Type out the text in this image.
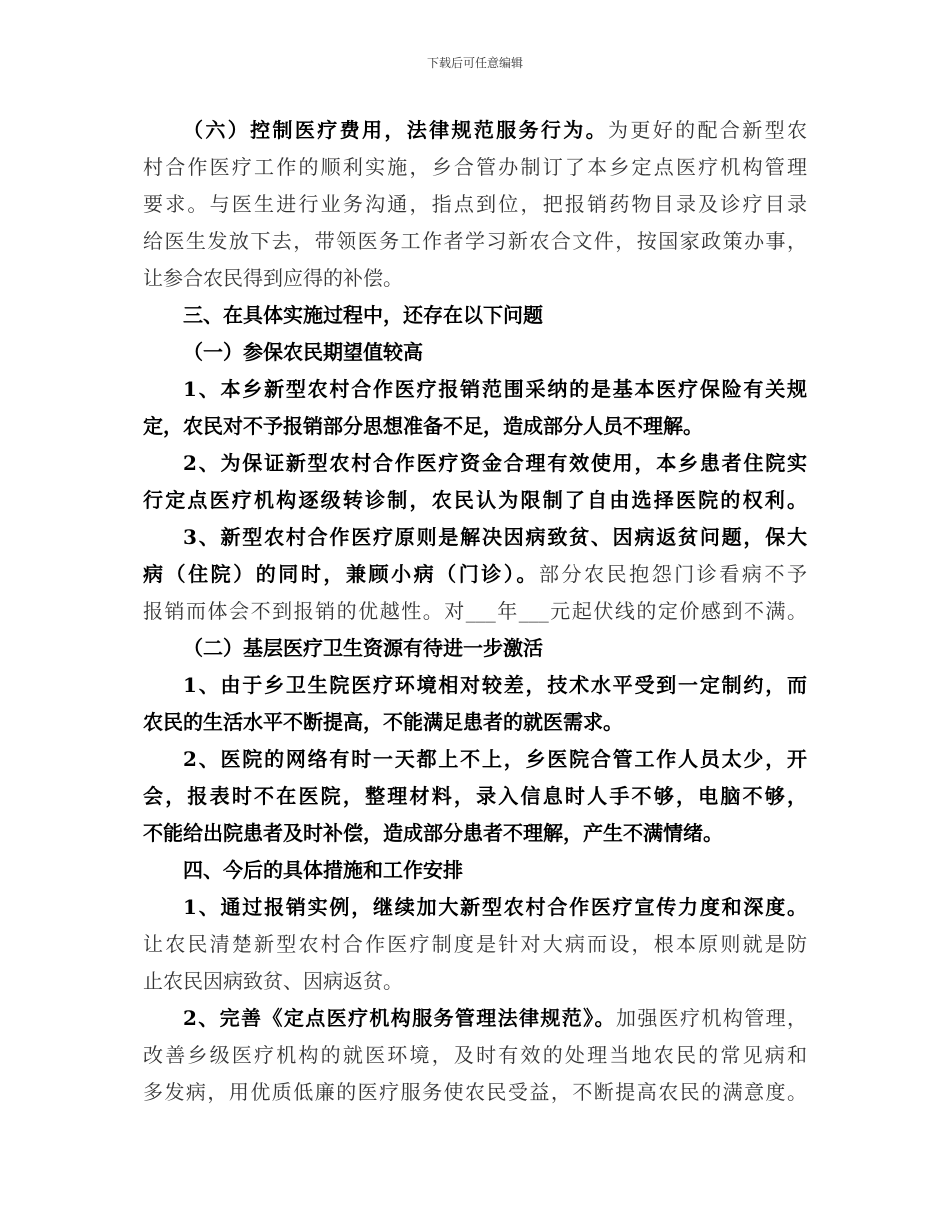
下载后可任意编辑
（六）控制医疗费用，法律规范服务行为。为更好的配合新型农
村合作医疗工作的顺利实施，乡合管办制订了本乡定点医疗机构管理
要求。与医生进行业务沟通，指点到位，把报销药物目录及诊疗目录
给医生发放下去，带领医务工作者学习新农合文件，按国家政策办事，
让参合农民得到应得的补偿。
三、在具体实施过程中，还存在以下问题
（一）参保农民期望值较高
1、本乡新型农村合作医疗报销范围采纳的是基本医疗保险有关规
定，农民对不予报销部分思想准备不足，造成部分人员不理解。
2、为保证新型农村合作医疗资金合理有效使用，本乡患者住院实
行定点医疗机构逐级转诊制，农民认为限制了自由选择医院的权利。
3、新型农村合作医疗原则是解决因病致贫、因病返贫问题，保大
病（住院）的同时，兼顾小病（门诊）。部分农民抱怨门诊看病不予
报销而体会不到报销的优越性。对___年___元起伏线的定价感到不满。
（二）基层医疗卫生资源有待进一步激活
1、由于乡卫生院医疗环境相对较差，技术水平受到一定制约，而
农民的生活水平不断提高，不能满足患者的就医需求。
2、医院的网络有时一天都上不上，乡医院合管工作人员太少，开
会，报表时不在医院，整理材料，录入信息时人手不够，电脑不够，
不能给出院患者及时补偿，造成部分患者不理解，产生不满情绪。
四、今后的具体措施和工作安排
1、通过报销实例，继续加大新型农村合作医疗宣传力度和深度。
让农民清楚新型农村合作医疗制度是针对大病而设，根本原则就是防
止农民因病致贫、因病返贫。
2、完善《定点医疗机构服务管理法律规范》。加强医疗机构管理，
改善乡级医疗机构的就医环境，及时有效的处理当地农民的常见病和
多发病，用优质低廉的医疗服务使农民受益，不断提高农民的满意度。
